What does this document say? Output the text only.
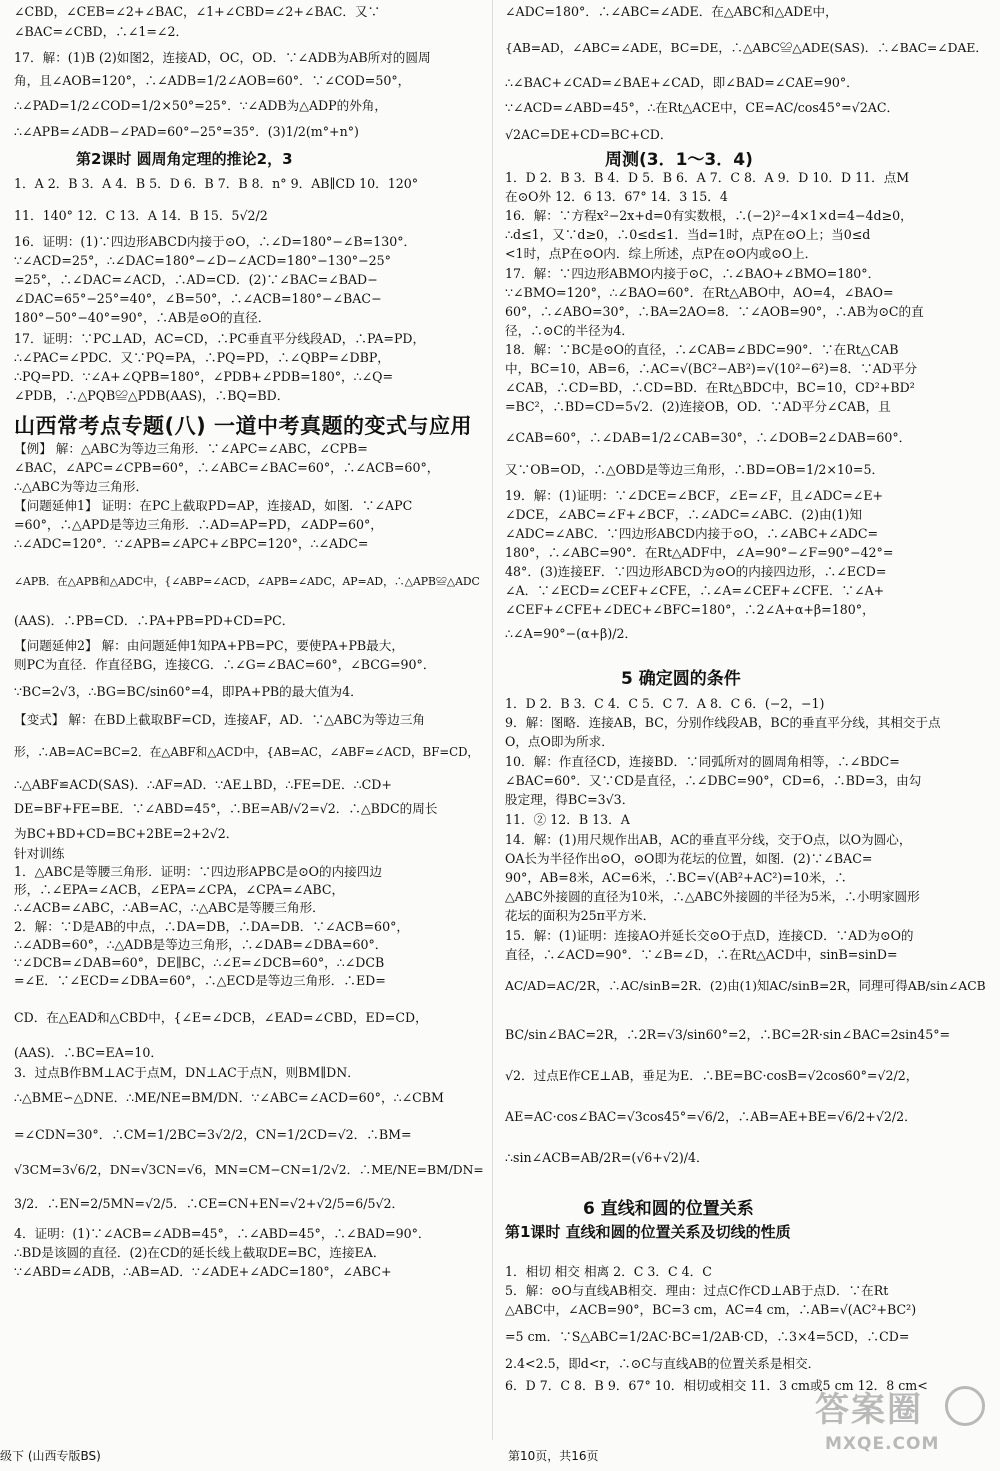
∠CBD，∠CEB=∠2+∠BAC，∠1+∠CBD=∠2+∠BAC．又∵
∠BAC=∠CBD，∴∠1=∠2．
17．解：(1)B (2)如图2，连接AD，OC，OD．∵∠ADB为AB所对的圆周
角，且∠AOB=120°，∴∠ADB=1/2∠AOB=60°．∵∠COD=50°，
∴∠PAD=1/2∠COD=1/2×50°=25°．∵∠ADB为△ADP的外角，
∴∠APB=∠ADB−∠PAD=60°−25°=35°．(3)1/2(m°+n°)
1．A 2．B 3．A 4．B 5．D 6．B 7．B 8．n° 9．AB∥CD 10．120°
11．140° 12．C 13．A 14．B 15．5√2/2
16．证明：(1)∵四边形ABCD内接于⊙O，∴∠D=180°−∠B=130°．
∵∠ACD=25°，∴∠DAC=180°−∠D−∠ACD=180°−130°−25°
=25°，∴∠DAC=∠ACD，∴AD=CD．(2)∵∠BAC=∠BAD−
∠DAC=65°−25°=40°，∠B=50°，∴∠ACB=180°−∠BAC−
180°−50°−40°=90°，∴AB是⊙O的直径．
17．证明：∵PC⊥AD，AC=CD，∴PC垂直平分线段AD，∴PA=PD，
∴∠PAC=∠PDC．又∵PQ=PA，∴PQ=PD，∴∠QBP=∠DBP，
∴PQ=PD．∵∠A+∠QPB=180°，∠PDB+∠PDB=180°，∴∠Q=
∠PDB，∴△PQB≌△PDB(AAS)，∴BQ=BD．
【例】 解：△ABC为等边三角形．∵∠APC=∠ABC，∠CPB=
∠BAC，∠APC=∠CPB=60°，∴∠ABC=∠BAC=60°，∴∠ACB=60°，
∴△ABC为等边三角形．
【问题延伸1】 证明：在PC上截取PD=AP，连接AD，如图．∵∠APC
=60°，∴△APD是等边三角形．∴AD=AP=PD，∠ADP=60°，
∴∠ADC=120°．∵∠APB=∠APC+∠BPC=120°，∴∠ADC=
∠APB．在△APB和△ADC中，{∠ABP=∠ACD，∠APB=∠ADC，AP=AD，∴△APB≌△ADC
(AAS)．∴PB=CD．∴PA+PB=PD+CD=PC．
【问题延伸2】 解：由问题延伸1知PA+PB=PC，要使PA+PB最大，
则PC为直径．作直径BG，连接CG．∴∠G=∠BAC=60°，∠BCG=90°．
∵BC=2√3，∴BG=BC/sin60°=4，即PA+PB的最大值为4．
【变式】 解：在BD上截取BF=CD，连接AF，AD．∵△ABC为等边三角
形，∴AB=AC=BC=2．在△ABF和△ACD中，{AB=AC，∠ABF=∠ACD，BF=CD，
∴△ABF≌ACD(SAS)．∴AF=AD．∵AE⊥BD，∴FE=DE．∴CD+
DE=BF+FE=BE．∵∠ABD=45°，∴BE=AB/√2=√2．∴△BDC的周长
为BC+BD+CD=BC+2BE=2+2√2．
针对训练
1．△ABC是等腰三角形．证明：∵四边形APBC是⊙O的内接四边
形，∴∠EPA=∠ACB，∠EPA=∠CPA，∠CPA=∠ABC，
∴∠ACB=∠ABC，∴AB=AC，∴△ABC是等腰三角形．
2．解：∵D是AB的中点，∴DA=DB，∴DA=DB．∵∠ACB=60°，
∴∠ADB=60°，∴△ADB是等边三角形，∴∠DAB=∠DBA=60°．
∵∠DCB=∠DAB=60°，DE∥BC，∴∠E=∠DCB=60°，∴∠DCB
=∠E．∵∠ECD=∠DBA=60°，∴△ECD是等边三角形．∴ED=
CD．在△EAD和△CBD中，{∠E=∠DCB，∠EAD=∠CBD，ED=CD，
(AAS)．∴BC=EA=10．
3．过点B作BM⊥AC于点M，DN⊥AC于点N，则BM∥DN．
∴△BME∽△DNE．∴ME/NE=BM/DN．∵∠ABC=∠ACD=60°，∴∠CBM
=∠CDN=30°．∴CM=1/2BC=3√2/2，CN=1/2CD=√2．∴BM=
√3CM=3√6/2，DN=√3CN=√6，MN=CM−CN=1/2√2．∴ME/NE=BM/DN=
3/2．∴EN=2/5MN=√2/5．∴CE=CN+EN=√2+√2/5=6/5√2．
4．证明：(1)∵∠ACB=∠ADB=45°，∴∠ABD=45°，∴∠BAD=90°．
∴BD是该圆的直径．(2)在CD的延长线上截取DE=BC，连接EA．
∵∠ABD=∠ADB，∴AB=AD．∵∠ADE+∠ADC=180°，∠ABC+
第2课时 圆周角定理的推论2，3
山西常考点专题(八) 一道中考真题的变式与应用
∠ADC=180°．∴∠ABC=∠ADE．在△ABC和△ADE中，
{AB=AD，∠ABC=∠ADE，BC=DE，∴△ABC≌△ADE(SAS)．∴∠BAC=∠DAE．
∴∠BAC+∠CAD=∠BAE+∠CAD，即∠BAD=∠CAE=90°．
∵∠ACD=∠ABD=45°，∴在Rt△ACE中，CE=AC/cos45°=√2AC．
√2AC=DE+CD=BC+CD．
1．D 2．B 3．B 4．D 5．B 6．A 7．C 8．A 9．D 10．D 11．点M
在⊙O外 12．6 13．67° 14．3 15．4
16．解：∵方程x²−2x+d=0有实数根，∴(−2)²−4×1×d=4−4d≥0，
∴d≤1，又∵d≥0，∴0≤d≤1．当d=1时，点P在⊙O上；当0≤d
<1时，点P在⊙O内．综上所述，点P在⊙O内或⊙O上．
17．解：∵四边形ABMO内接于⊙C，∴∠BAO+∠BMO=180°．
∵∠BMO=120°，∴∠BAO=60°．在Rt△ABO中，AO=4，∠BAO=
60°，∴∠ABO=30°，∴BA=2AO=8．∵∠AOB=90°，∴AB为⊙C的直
径，∴⊙C的半径为4．
18．解：∵BC是⊙O的直径，∴∠CAB=∠BDC=90°．∵在Rt△CAB
中，BC=10，AB=6，∴AC=√(BC²−AB²)=√(10²−6²)=8．∵AD平分
∠CAB，∴CD=BD，∴CD=BD．在Rt△BDC中，BC=10，CD²+BD²
=BC²，∴BD=CD=5√2．(2)连接OB，OD．∵AD平分∠CAB，且
∠CAB=60°，∴∠DAB=1/2∠CAB=30°，∴∠DOB=2∠DAB=60°．
又∵OB=OD，∴△OBD是等边三角形，∴BD=OB=1/2×10=5．
19．解：(1)证明：∵∠DCE=∠BCF，∠E=∠F，且∠ADC=∠E+
∠DCE，∠ABC=∠F+∠BCF，∴∠ADC=∠ABC．(2)由(1)知
∠ADC=∠ABC．∵四边形ABCD内接于⊙O，∴∠ABC+∠ADC=
180°，∴∠ABC=90°．在Rt△ADF中，∠A=90°−∠F=90°−42°=
48°．(3)连接EF．∵四边形ABCD为⊙O的内接四边形，∴∠ECD=
∠A．∵∠ECD=∠CEF+∠CFE，∴∠A=∠CEF+∠CFE．∵∠A+
∠CEF+∠CFE+∠DEC+∠BFC=180°，∴2∠A+α+β=180°，
∴∠A=90°−(α+β)/2．
1．D 2．B 3．C 4．C 5．C 7．A 8．C 6．(−2，−1)
9．解：图略．连接AB，BC，分别作线段AB，BC的垂直平分线，其相交于点
O，点O即为所求．
10．解：作直径CD，连接BD．∵同弧所对的圆周角相等，∴∠BDC=
∠BAC=60°．又∵CD是直径，∴∠DBC=90°，CD=6，∴BD=3，由勾
股定理，得BC=3√3．
11．② 12．B 13．A
14．解：(1)用尺规作出AB，AC的垂直平分线，交于O点，以O为圆心，
OA长为半径作出⊙O，⊙O即为花坛的位置，如图．(2)∵∠BAC=
90°，AB=8米，AC=6米，∴BC=√(AB²+AC²)=10米，∴
△ABC外接圆的直径为10米，∴△ABC外接圆的半径为5米，∴小明家圆形
花坛的面积为25π平方米．
15．解：(1)证明：连接AO并延长交⊙O于点D，连接CD．∵AD为⊙O的
直径，∴∠ACD=90°．∵∠B=∠D，∴在Rt△ACD中，sinB=sinD=
AC/AD=AC/2R，∴AC/sinB=2R．(2)由(1)知AC/sinB=2R，同理可得AB/sin∠ACB
BC/sin∠BAC=2R，∴2R=√3/sin60°=2，∴BC=2R·sin∠BAC=2sin45°=
√2．过点E作CE⊥AB，垂足为E．∴BE=BC·cosB=√2cos60°=√2/2，
AE=AC·cos∠BAC=√3cos45°=√6/2，∴AB=AE+BE=√6/2+√2/2．
∴sin∠ACB=AB/2R=(√6+√2)/4．
1．相切 相交 相离 2．C 3．C 4．C
5．解：⊙O与直线AB相交．理由：过点C作CD⊥AB于点D．∵在Rt
△ABC中，∠ACB=90°，BC=3 cm，AC=4 cm，∴AB=√(AC²+BC²)
=5 cm．∵S△ABC=1/2AC·BC=1/2AB·CD，∴3×4=5CD，∴CD=
2.4<2.5，即d<r，∴⊙C与直线AB的位置关系是相交．
6．D 7．C 8．B 9．67° 10．相切或相交 11．3 cm或5 cm 12．8 cm<
周测(3．1～3．4)
5 确定圆的条件
6 直线和圆的位置关系
第1课时 直线和圆的位置关系及切线的性质
级下 (山西专版BS)	第10页，共16页
答案圈
MXQE.COM
